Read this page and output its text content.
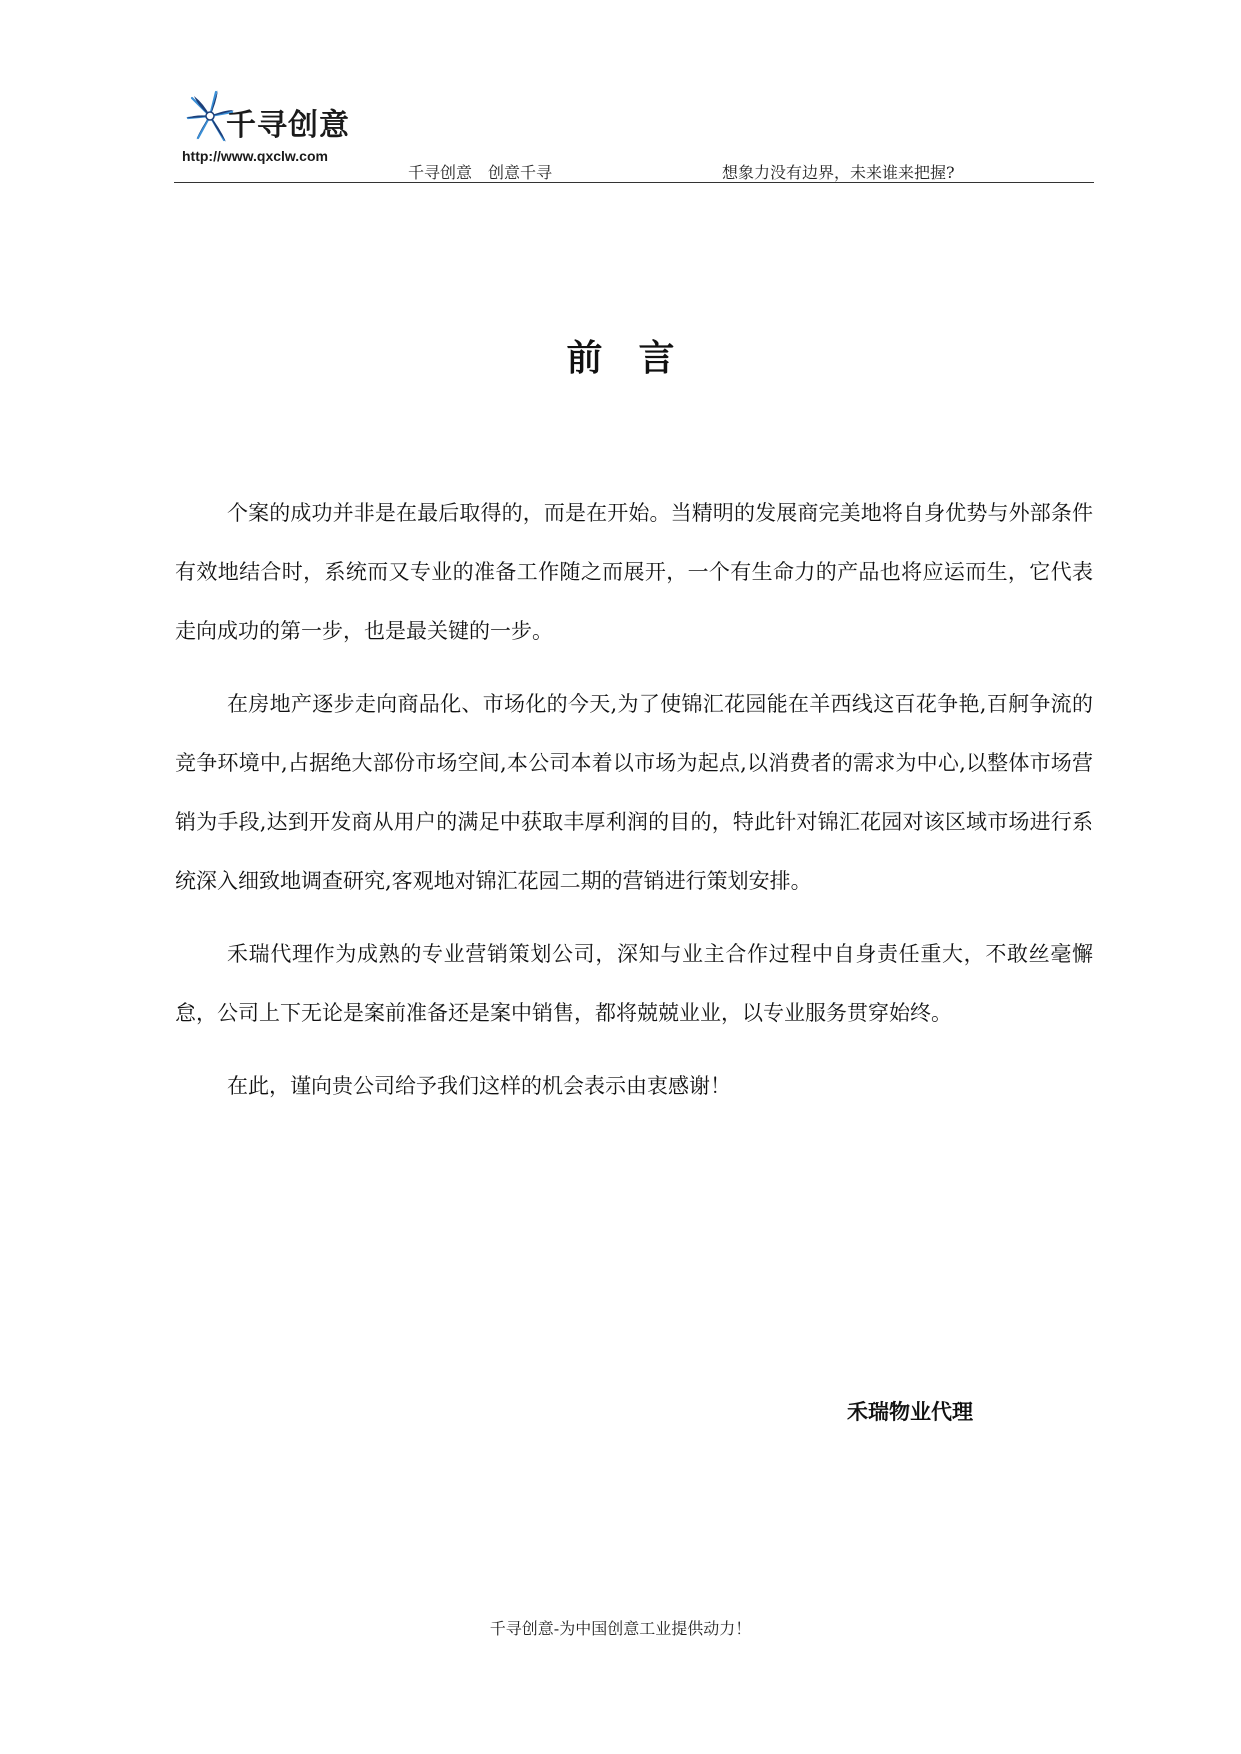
千寻创意
http://www.qxclw.com
千寻创意　创意千寻	想象力没有边界，未来谁来把握?
前言

个案的成功并非是在最后取得的，而是在开始。当精明的发展商完美地将自身优势与外部条件有效地结合时，系统而又专业的准备工作随之而展开，一个有生命力的产品也将应运而生，它代表走向成功的第一步，也是最关键的一步。

在房地产逐步走向商品化、市场化的今天,为了使锦汇花园能在羊西线这百花争艳,百舸争流的竞争环境中,占据绝大部份市场空间,本公司本着以市场为起点,以消费者的需求为中心,以整体市场营销为手段,达到开发商从用户的满足中获取丰厚利润的目的，特此针对锦汇花园对该区域市场进行系统深入细致地调查研究,客观地对锦汇花园二期的营销进行策划安排。

禾瑞代理作为成熟的专业营销策划公司，深知与业主合作过程中自身责任重大，不敢丝毫懈怠，公司上下无论是案前准备还是案中销售，都将兢兢业业，以专业服务贯穿始终。

在此，谨向贵公司给予我们这样的机会表示由衷感谢！

禾瑞物业代理
千寻创意-为中国创意工业提供动力！
